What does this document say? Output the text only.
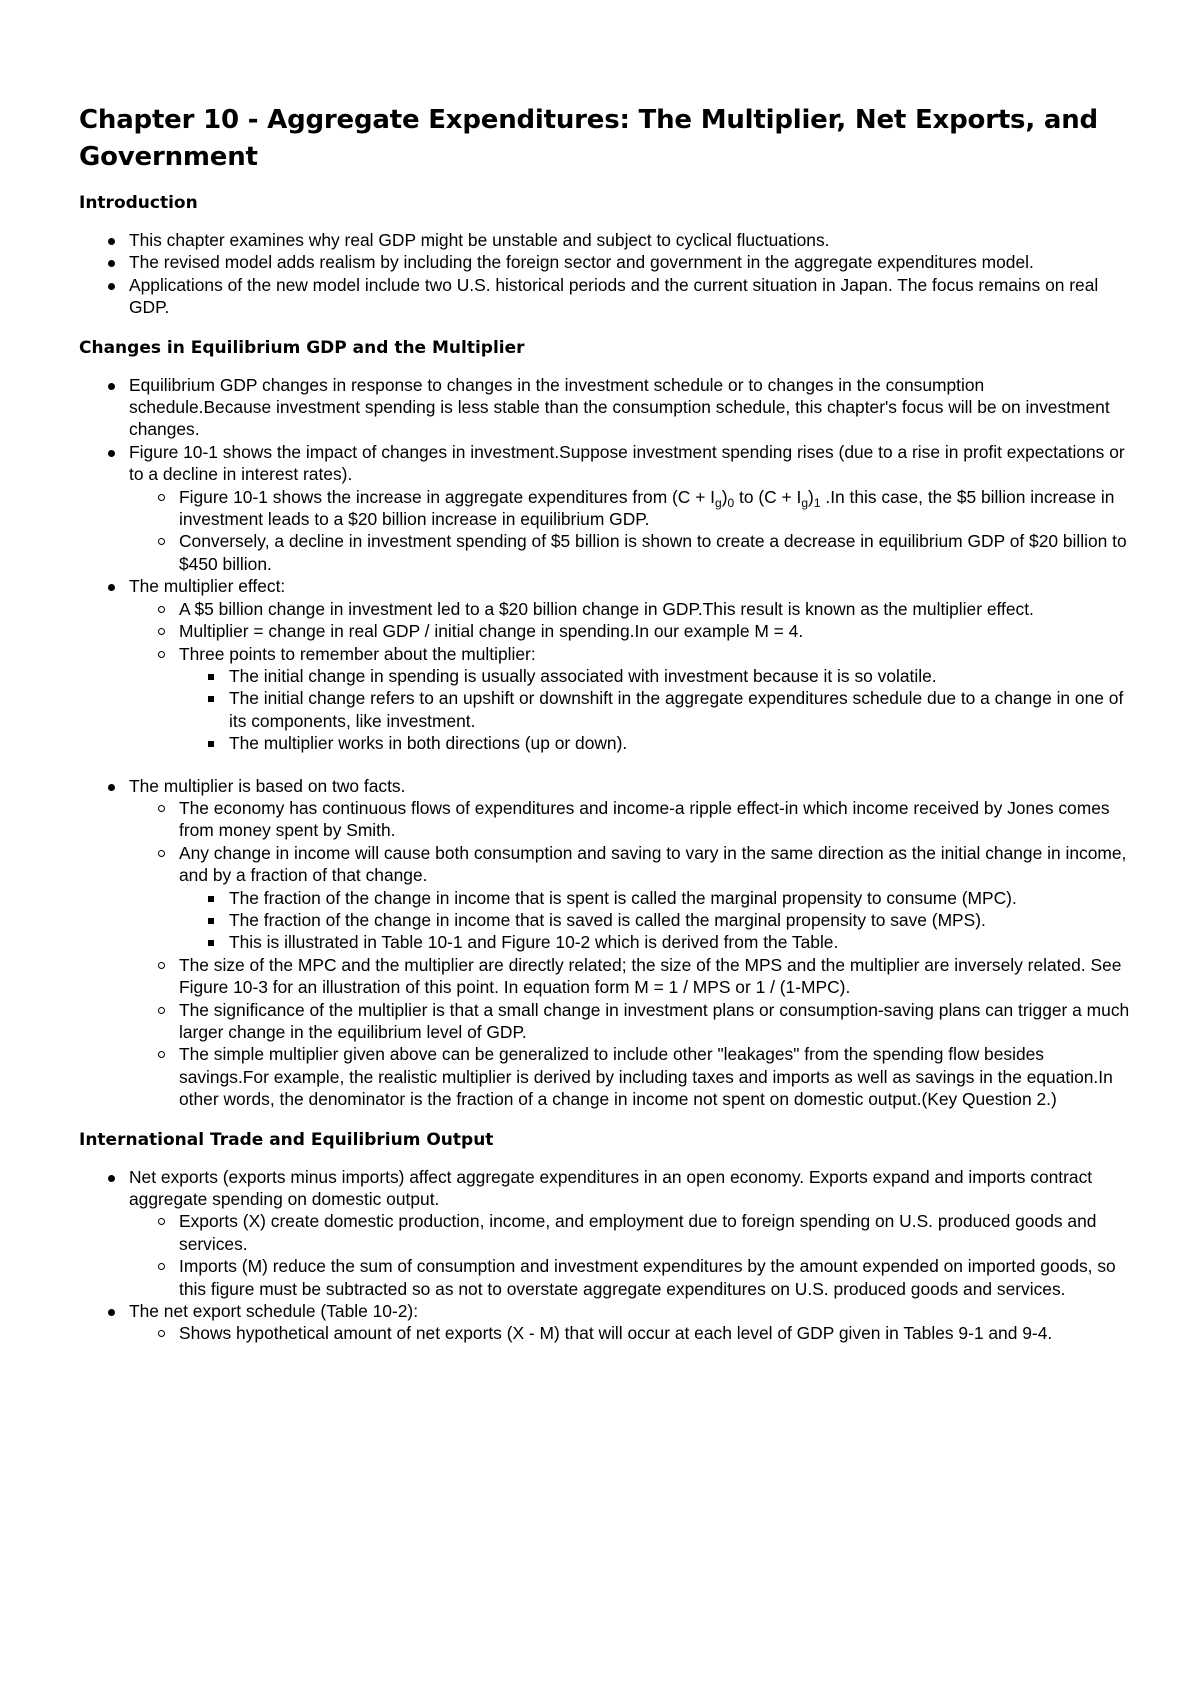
Chapter 10 - Aggregate Expenditures: The Multiplier, Net Exports, and Government
Introduction
This chapter examines why real GDP might be unstable and subject to cyclical fluctuations.
The revised model adds realism by including the foreign sector and government in the aggregate expenditures model.
Applications of the new model include two U.S. historical periods and the current situation in Japan. The focus remains on real GDP.
Changes in Equilibrium GDP and the Multiplier
Equilibrium GDP changes in response to changes in the investment schedule or to changes in the consumption schedule.Because investment spending is less stable than the consumption schedule, this chapter's focus will be on investment changes.
Figure 10-1 shows the impact of changes in investment.Suppose investment spending rises (due to a rise in profit expectations or to a decline in interest rates).
Figure 10-1 shows the increase in aggregate expenditures from $(C + I_g)_0$ to $(C + I_g)_1$ .In this case, the $5 billion increase in investment leads to a $20 billion increase in equilibrium GDP.
Conversely, a decline in investment spending of $5 billion is shown to create a decrease in equilibrium GDP of $20 billion to $450 billion.
The multiplier effect:
A $5 billion change in investment led to a $20 billion change in GDP.This result is known as the multiplier effect.
Multiplier = change in real GDP / initial change in spending.In our example M = 4.
Three points to remember about the multiplier:
The initial change in spending is usually associated with investment because it is so volatile.
The initial change refers to an upshift or downshift in the aggregate expenditures schedule due to a change in one of its components, like investment.
The multiplier works in both directions (up or down).
The multiplier is based on two facts.
The economy has continuous flows of expenditures and income-a ripple effect-in which income received by Jones comes from money spent by Smith.
Any change in income will cause both consumption and saving to vary in the same direction as the initial change in income, and by a fraction of that change.
The fraction of the change in income that is spent is called the marginal propensity to consume (MPC).
The fraction of the change in income that is saved is called the marginal propensity to save (MPS).
This is illustrated in Table 10-1 and Figure 10-2 which is derived from the Table.
The size of the MPC and the multiplier are directly related; the size of the MPS and the multiplier are inversely related. See Figure 10-3 for an illustration of this point. In equation form M = 1 / MPS or 1 / (1-MPC).
The significance of the multiplier is that a small change in investment plans or consumption-saving plans can trigger a much larger change in the equilibrium level of GDP.
The simple multiplier given above can be generalized to include other "leakages" from the spending flow besides savings.For example, the realistic multiplier is derived by including taxes and imports as well as savings in the equation.In other words, the denominator is the fraction of a change in income not spent on domestic output.(Key Question 2.)
International Trade and Equilibrium Output
Net exports (exports minus imports) affect aggregate expenditures in an open economy. Exports expand and imports contract aggregate spending on domestic output.
Exports (X) create domestic production, income, and employment due to foreign spending on U.S. produced goods and services.
Imports (M) reduce the sum of consumption and investment expenditures by the amount expended on imported goods, so this figure must be subtracted so as not to overstate aggregate expenditures on U.S. produced goods and services.
The net export schedule (Table 10-2):
Shows hypothetical amount of net exports (X - M) that will occur at each level of GDP given in Tables 9-1 and 9-4.
